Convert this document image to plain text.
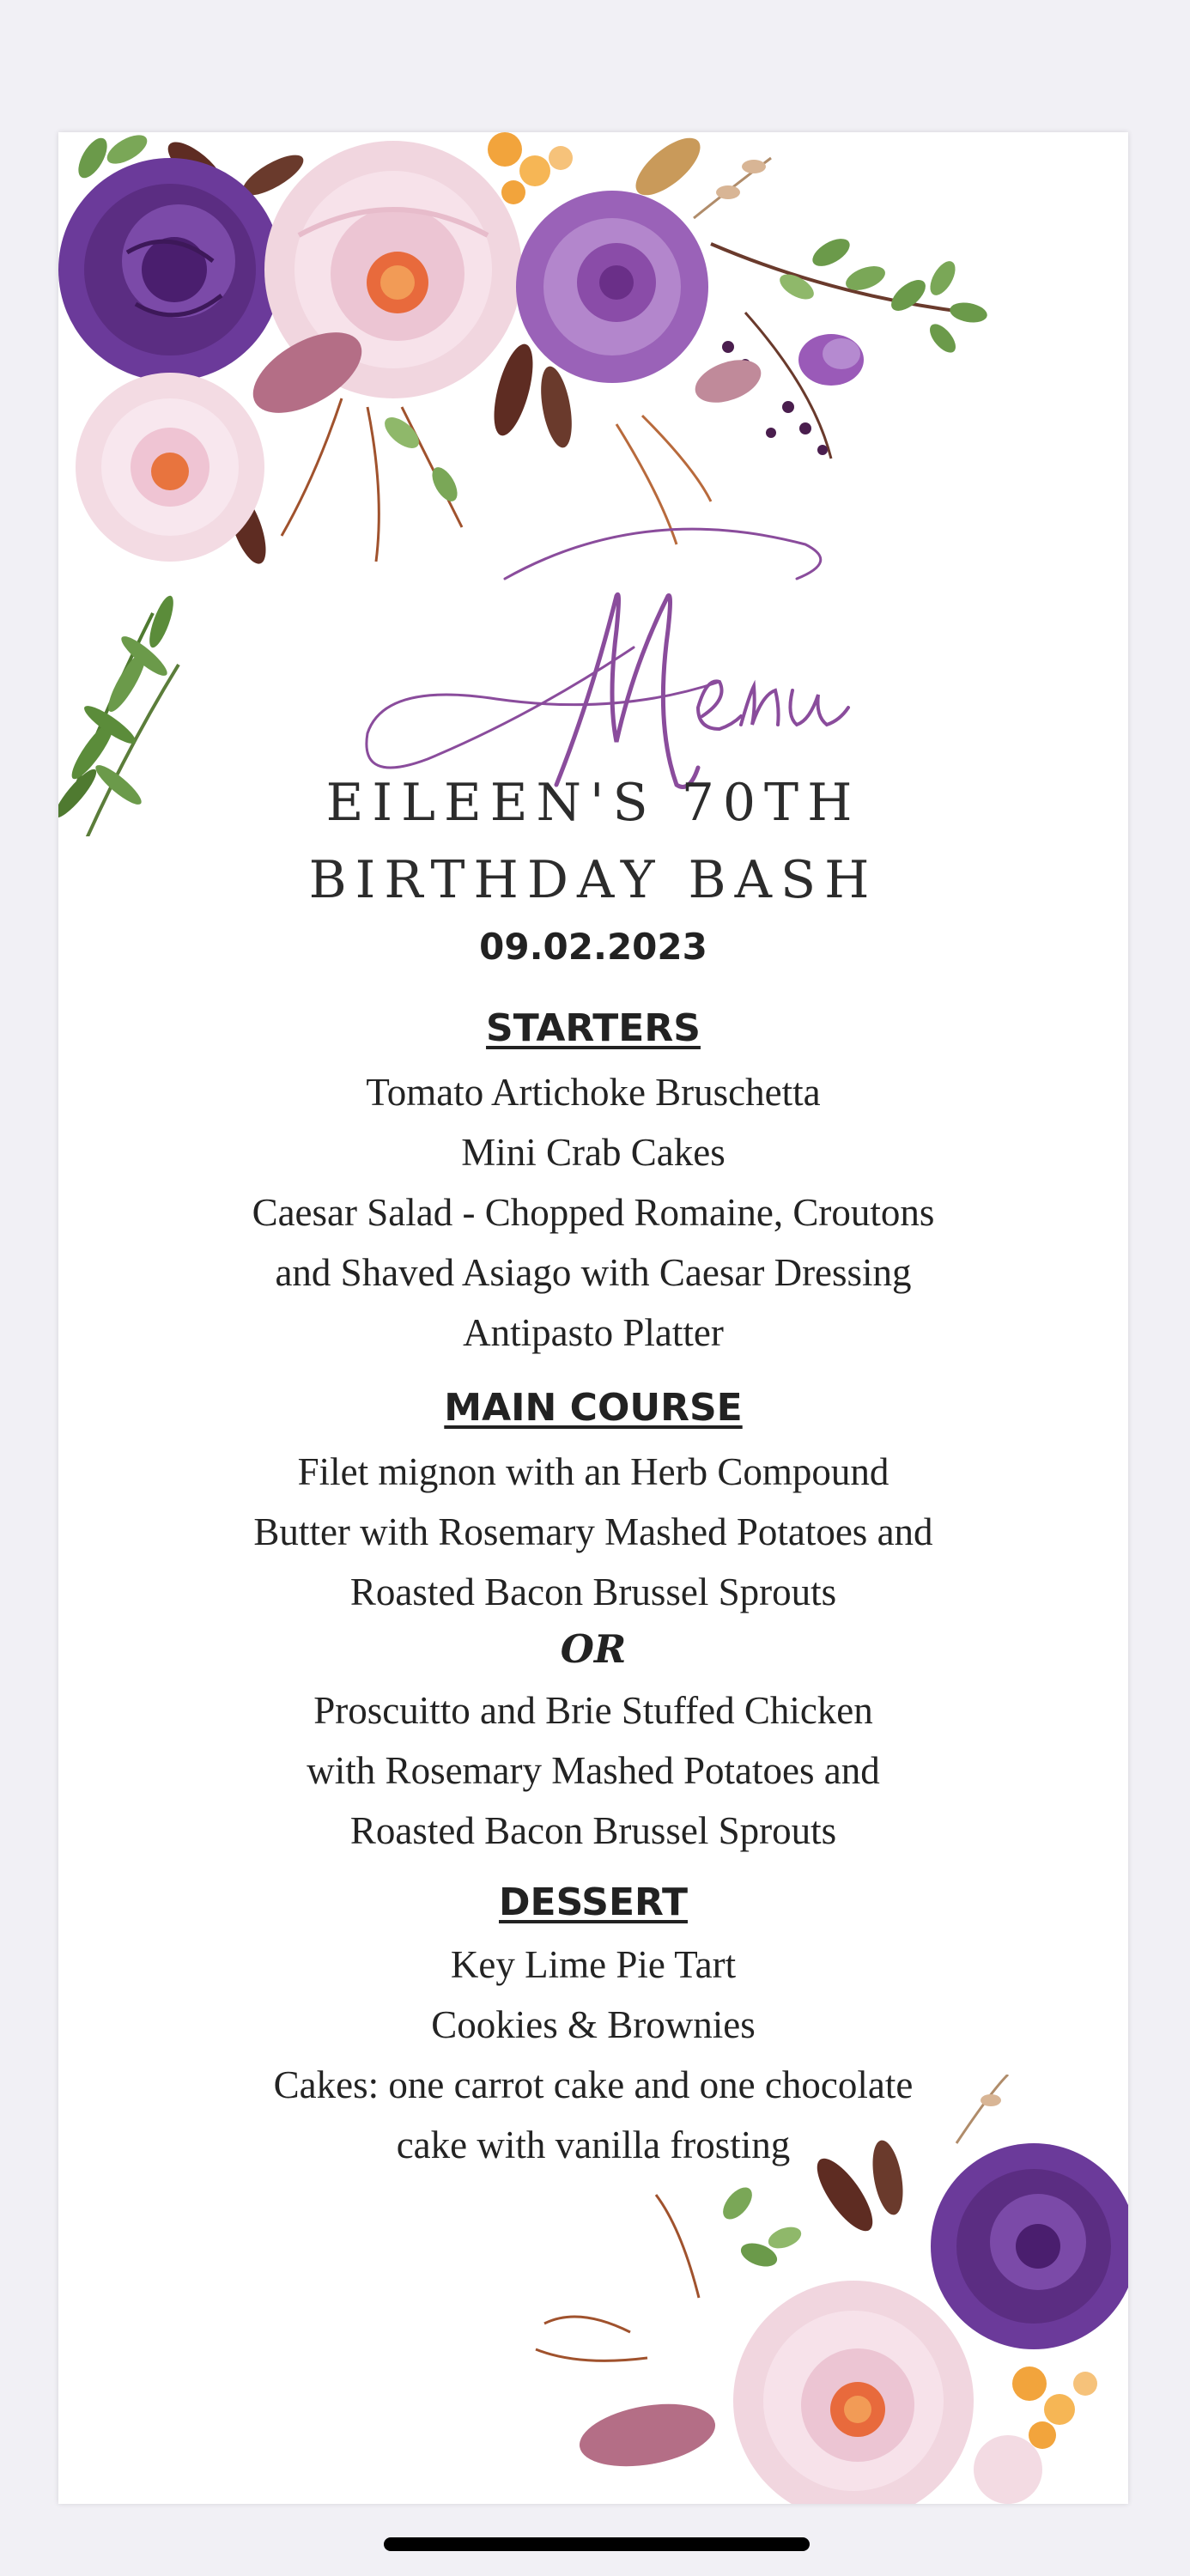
EILEEN'S 70TH
BIRTHDAY BASH
09.02.2023
STARTERS
Tomato Artichoke Bruschetta
Mini Crab Cakes
Caesar Salad - Chopped Romaine, Croutons
and Shaved Asiago with Caesar Dressing
Antipasto Platter
MAIN COURSE
Filet mignon with an Herb Compound
Butter with Rosemary Mashed Potatoes and
Roasted Bacon Brussel Sprouts
OR
Proscuitto and Brie Stuffed Chicken
with Rosemary Mashed Potatoes and
Roasted Bacon Brussel Sprouts
DESSERT
Key Lime Pie Tart
Cookies & Brownies
Cakes: one carrot cake and one chocolate
cake with vanilla frosting
